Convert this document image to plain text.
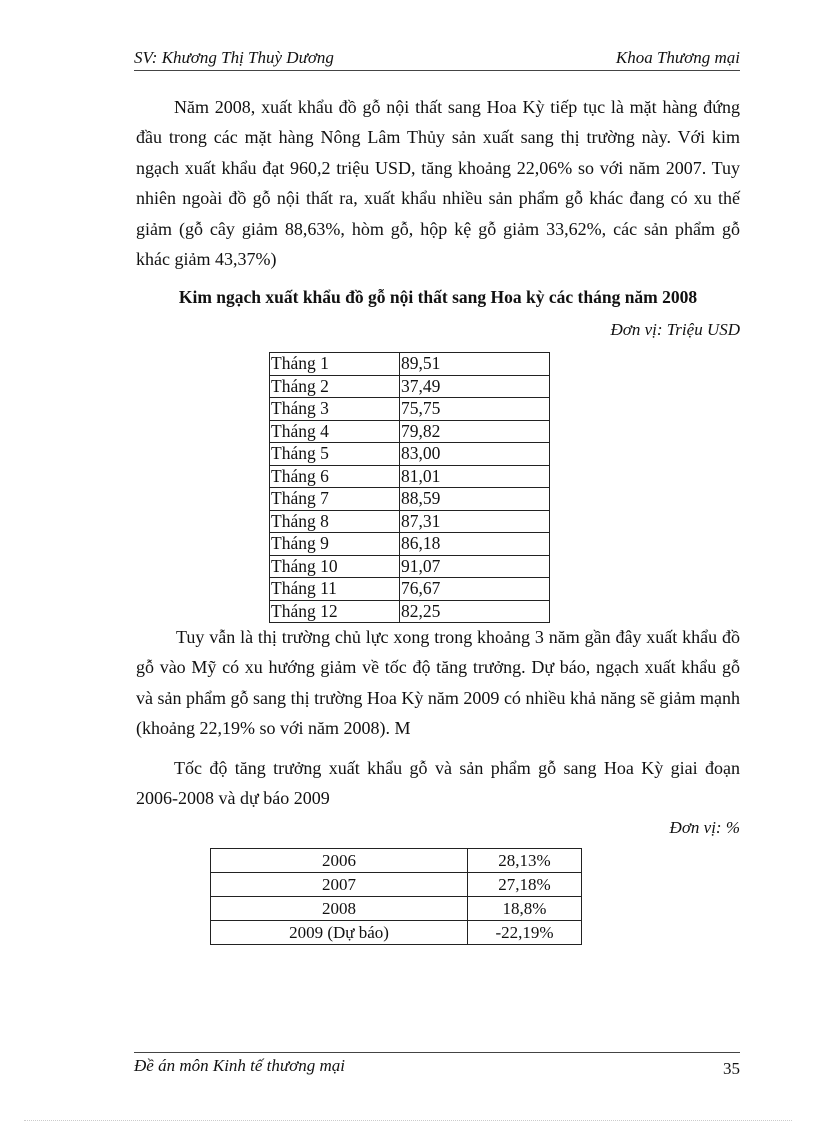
SV: Khương Thị Thuỳ Dương	Khoa Thương mại

Năm 2008, xuất khẩu đồ gỗ nội thất sang Hoa Kỳ tiếp tục là mặt hàng đứng đầu trong các mặt hàng Nông Lâm Thủy sản xuất sang thị trường này. Với kim ngạch xuất khẩu đạt 960,2 triệu USD, tăng khoảng 22,06% so với năm 2007. Tuy nhiên ngoài đồ gỗ nội thất ra, xuất khẩu nhiều sản phẩm gỗ khác đang có xu thế giảm (gỗ cây giảm 88,63%, hòm gỗ, hộp kệ gỗ giảm 33,62%, các sản phẩm gỗ khác giảm 43,37%)

Kim ngạch xuất khẩu đồ gỗ nội thất sang Hoa kỳ các tháng năm 2008
Đơn vị: Triệu USD
Tháng 1	89,51
Tháng 2	37,49
Tháng 3	75,75
Tháng 4	79,82
Tháng 5	83,00
Tháng 6	81,01
Tháng 7	88,59
Tháng 8	87,31
Tháng 9	86,18
Tháng 10	91,07
Tháng 11	76,67
Tháng 12	82,25

Tuy vẫn là thị trường chủ lực xong trong khoảng 3 năm gần đây xuất khẩu đồ gỗ vào Mỹ có xu hướng giảm về tốc độ tăng trưởng. Dự báo, ngạch xuất khẩu gỗ và sản phẩm gỗ sang thị trường Hoa Kỳ năm 2009 có nhiều khả năng sẽ giảm mạnh (khoảng 22,19% so với năm 2008). M

Tốc độ tăng trưởng xuất khẩu gỗ và sản phẩm gỗ sang Hoa Kỳ giai đoạn 2006-2008 và dự báo 2009

Đơn vị: %
2006	28,13%
2007	27,18%
2008	18,8%
2009 (Dự báo)	-22,19%
Đề án môn Kinh tế thương mại	35
